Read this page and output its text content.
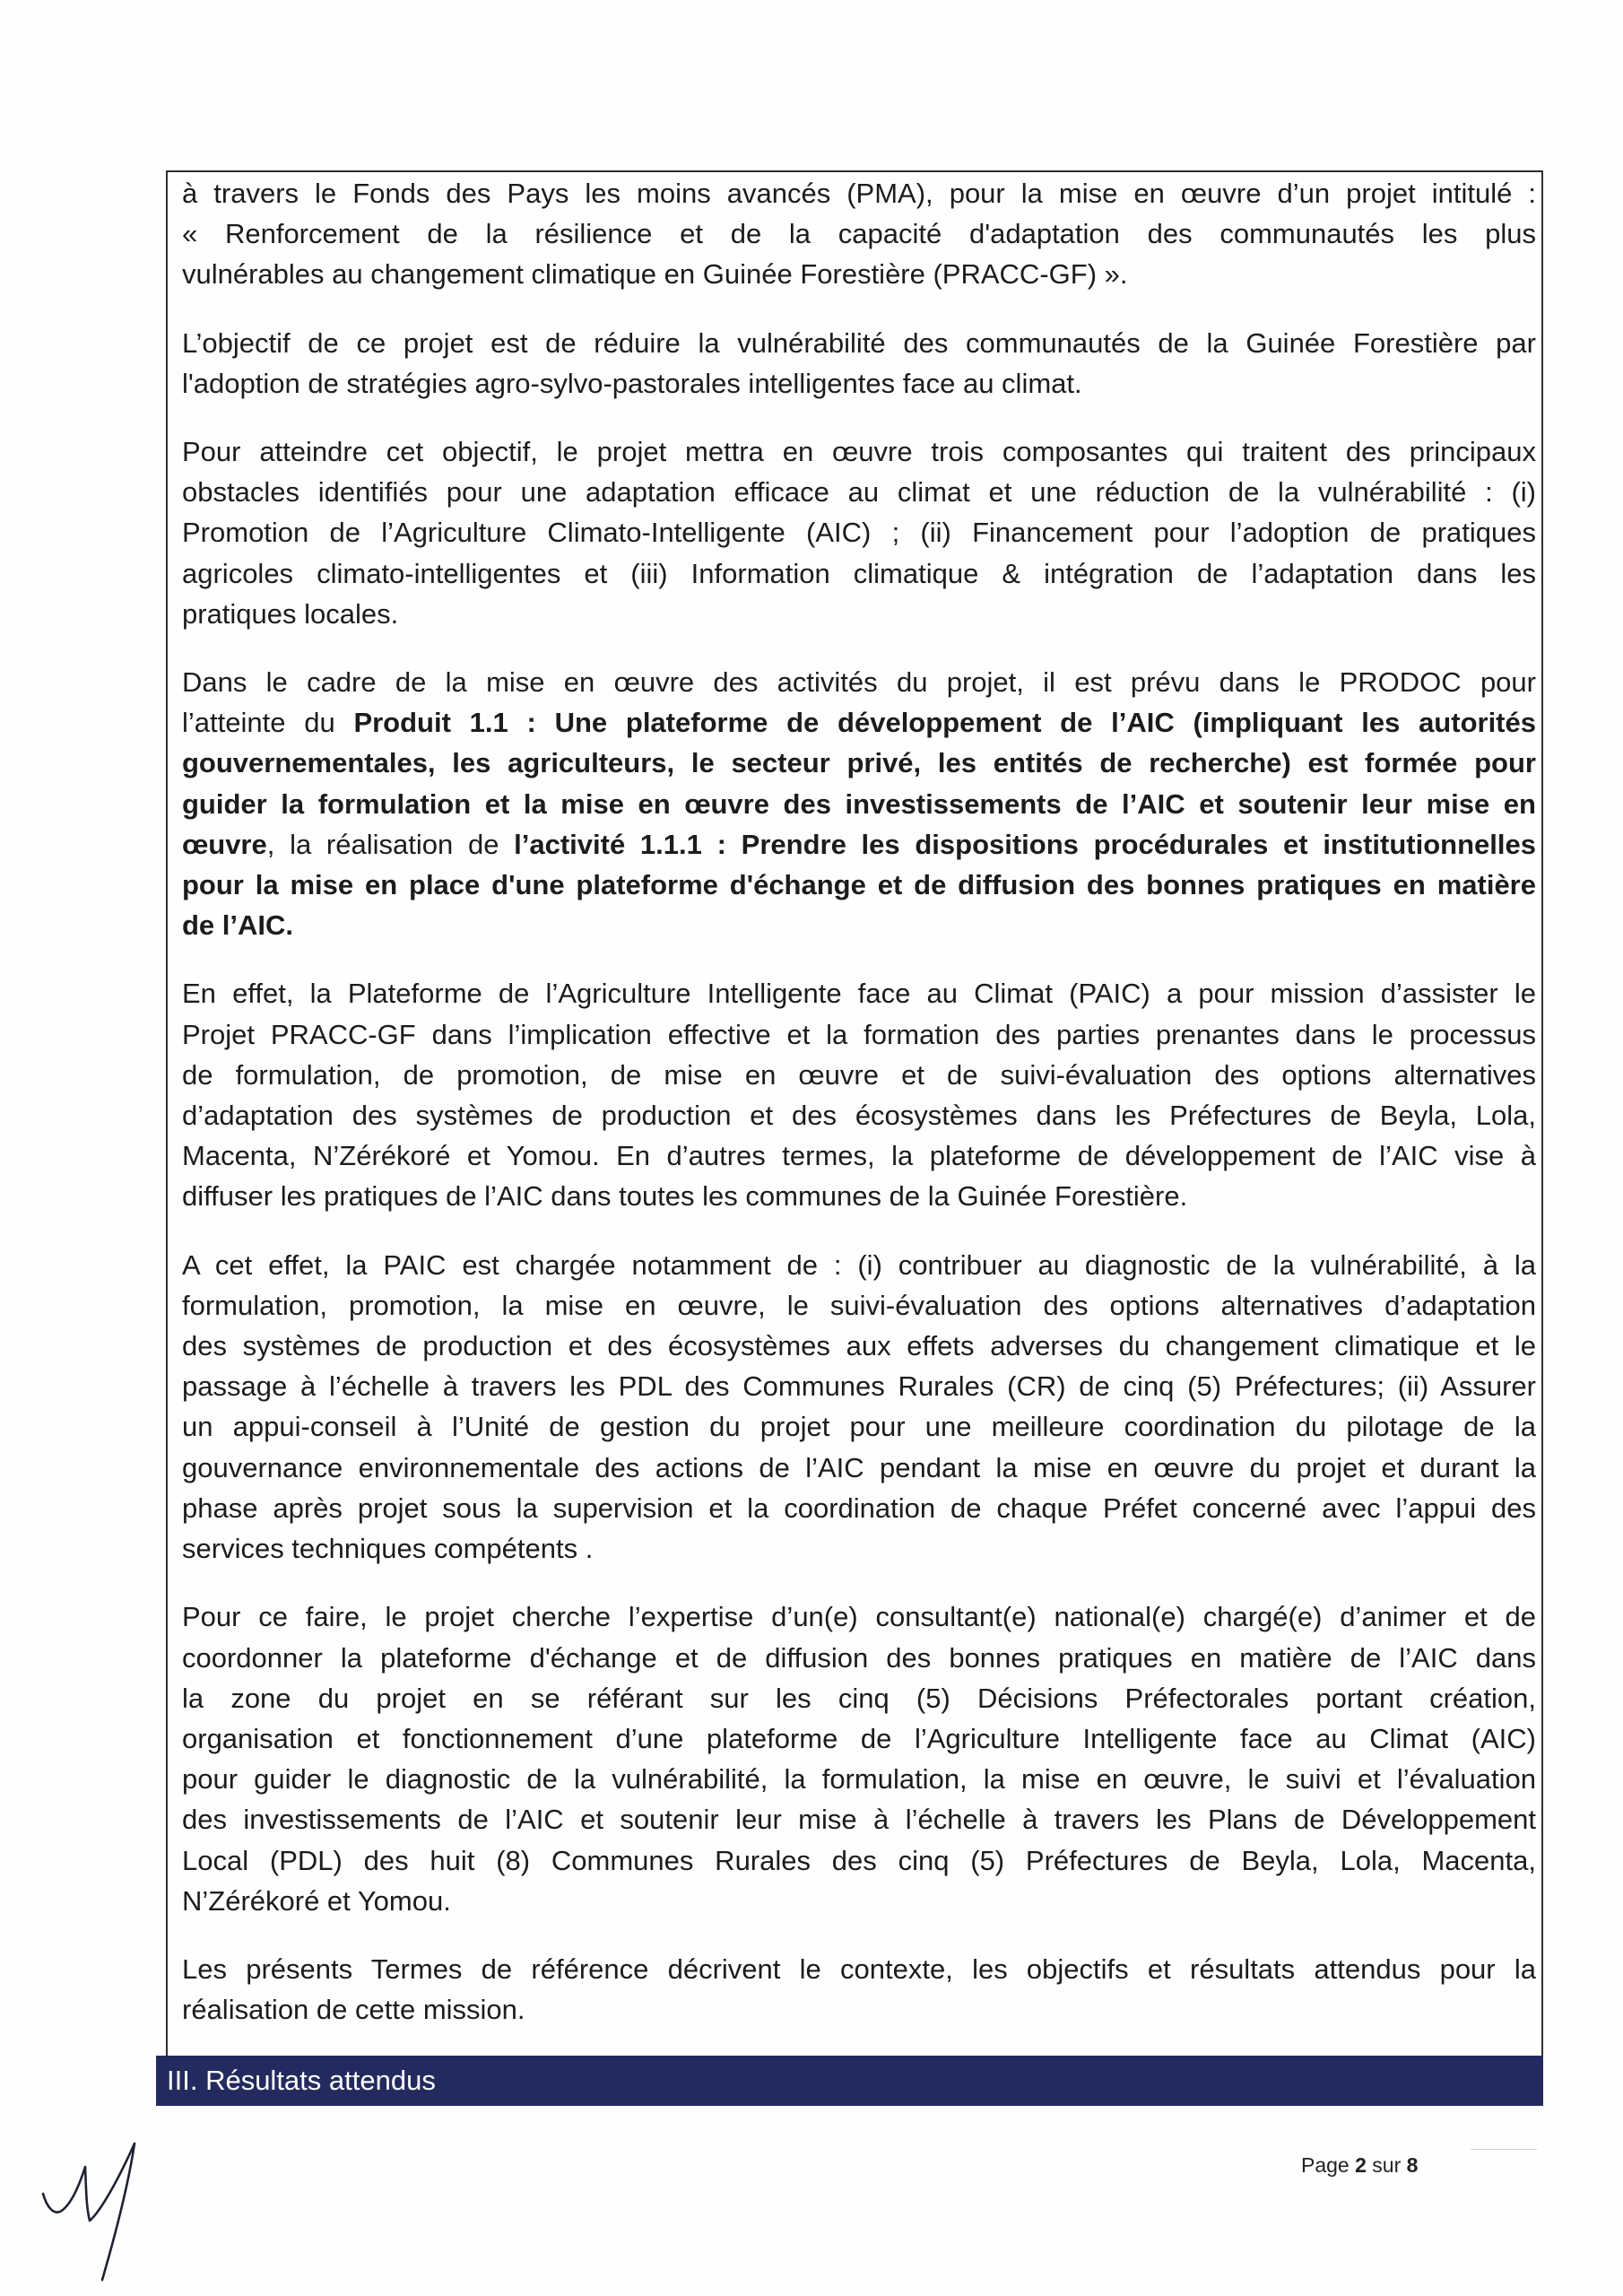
à travers le Fonds des Pays les moins avancés (PMA), pour la mise en œuvre d’un projet intitulé :
« Renforcement de la résilience et de la capacité d'adaptation des communautés les plus
vulnérables au changement climatique en Guinée Forestière (PRACC-GF) ».
L’objectif de ce projet est de réduire la vulnérabilité des communautés de la Guinée Forestière par
l'adoption de stratégies agro-sylvo-pastorales intelligentes face au climat.
Pour atteindre cet objectif, le projet mettra en œuvre trois composantes qui traitent des principaux
obstacles identifiés pour une adaptation efficace au climat et une réduction de la vulnérabilité : (i)
Promotion de l’Agriculture Climato-Intelligente (AIC) ; (ii) Financement pour l’adoption de pratiques
agricoles climato-intelligentes et (iii) Information climatique & intégration de l’adaptation dans les
pratiques locales.
Dans le cadre de la mise en œuvre des activités du projet, il est prévu dans le PRODOC pour
l’atteinte du Produit 1.1 : Une plateforme de développement de l’AIC (impliquant les autorités
gouvernementales, les agriculteurs, le secteur privé, les entités de recherche) est formée pour
guider la formulation et la mise en œuvre des investissements de l’AIC et soutenir leur mise en
œuvre, la réalisation de l’activité 1.1.1 : Prendre les dispositions procédurales et institutionnelles
pour la mise en place d'une plateforme d'échange et de diffusion des bonnes pratiques en matière
de l’AIC.
En effet, la Plateforme de l’Agriculture Intelligente face au Climat (PAIC) a pour mission d’assister le
Projet PRACC-GF dans l’implication effective et la formation des parties prenantes dans le processus
de formulation, de promotion, de mise en œuvre et de suivi-évaluation des options alternatives
d’adaptation des systèmes de production et des écosystèmes dans les Préfectures de Beyla, Lola,
Macenta, N’Zérékoré et Yomou. En d’autres termes, la plateforme de développement de l’AIC vise à
diffuser les pratiques de l’AIC dans toutes les communes de la Guinée Forestière.
A cet effet, la PAIC est chargée notamment de : (i) contribuer au diagnostic de la vulnérabilité, à la
formulation, promotion, la mise en œuvre, le suivi-évaluation des options alternatives d’adaptation
des systèmes de production et des écosystèmes aux effets adverses du changement climatique et le
passage à l’échelle à travers les PDL des Communes Rurales (CR) de cinq (5) Préfectures; (ii) Assurer
un appui-conseil à l’Unité de gestion du projet pour une meilleure coordination du pilotage de la
gouvernance environnementale des actions de l’AIC pendant la mise en œuvre du projet et durant la
phase après projet sous la supervision et la coordination de chaque Préfet concerné avec l’appui des
services techniques compétents .
Pour ce faire, le projet cherche l’expertise d’un(e) consultant(e) national(e) chargé(e) d’animer et de
coordonner la plateforme d'échange et de diffusion des bonnes pratiques en matière de l’AIC dans
la zone du projet en se référant sur les cinq (5) Décisions Préfectorales portant création,
organisation et fonctionnement d’une plateforme de l’Agriculture Intelligente face au Climat (AIC)
pour guider le diagnostic de la vulnérabilité, la formulation, la mise en œuvre, le suivi et l’évaluation
des investissements de l’AIC et soutenir leur mise à l’échelle à travers les Plans de Développement
Local (PDL) des huit (8) Communes Rurales des cinq (5) Préfectures de Beyla, Lola, Macenta,
N’Zérékoré et Yomou.
Les présents Termes de référence décrivent le contexte, les objectifs et résultats attendus pour la
réalisation de cette mission.
III. Résultats attendus
Page 2 sur 8
